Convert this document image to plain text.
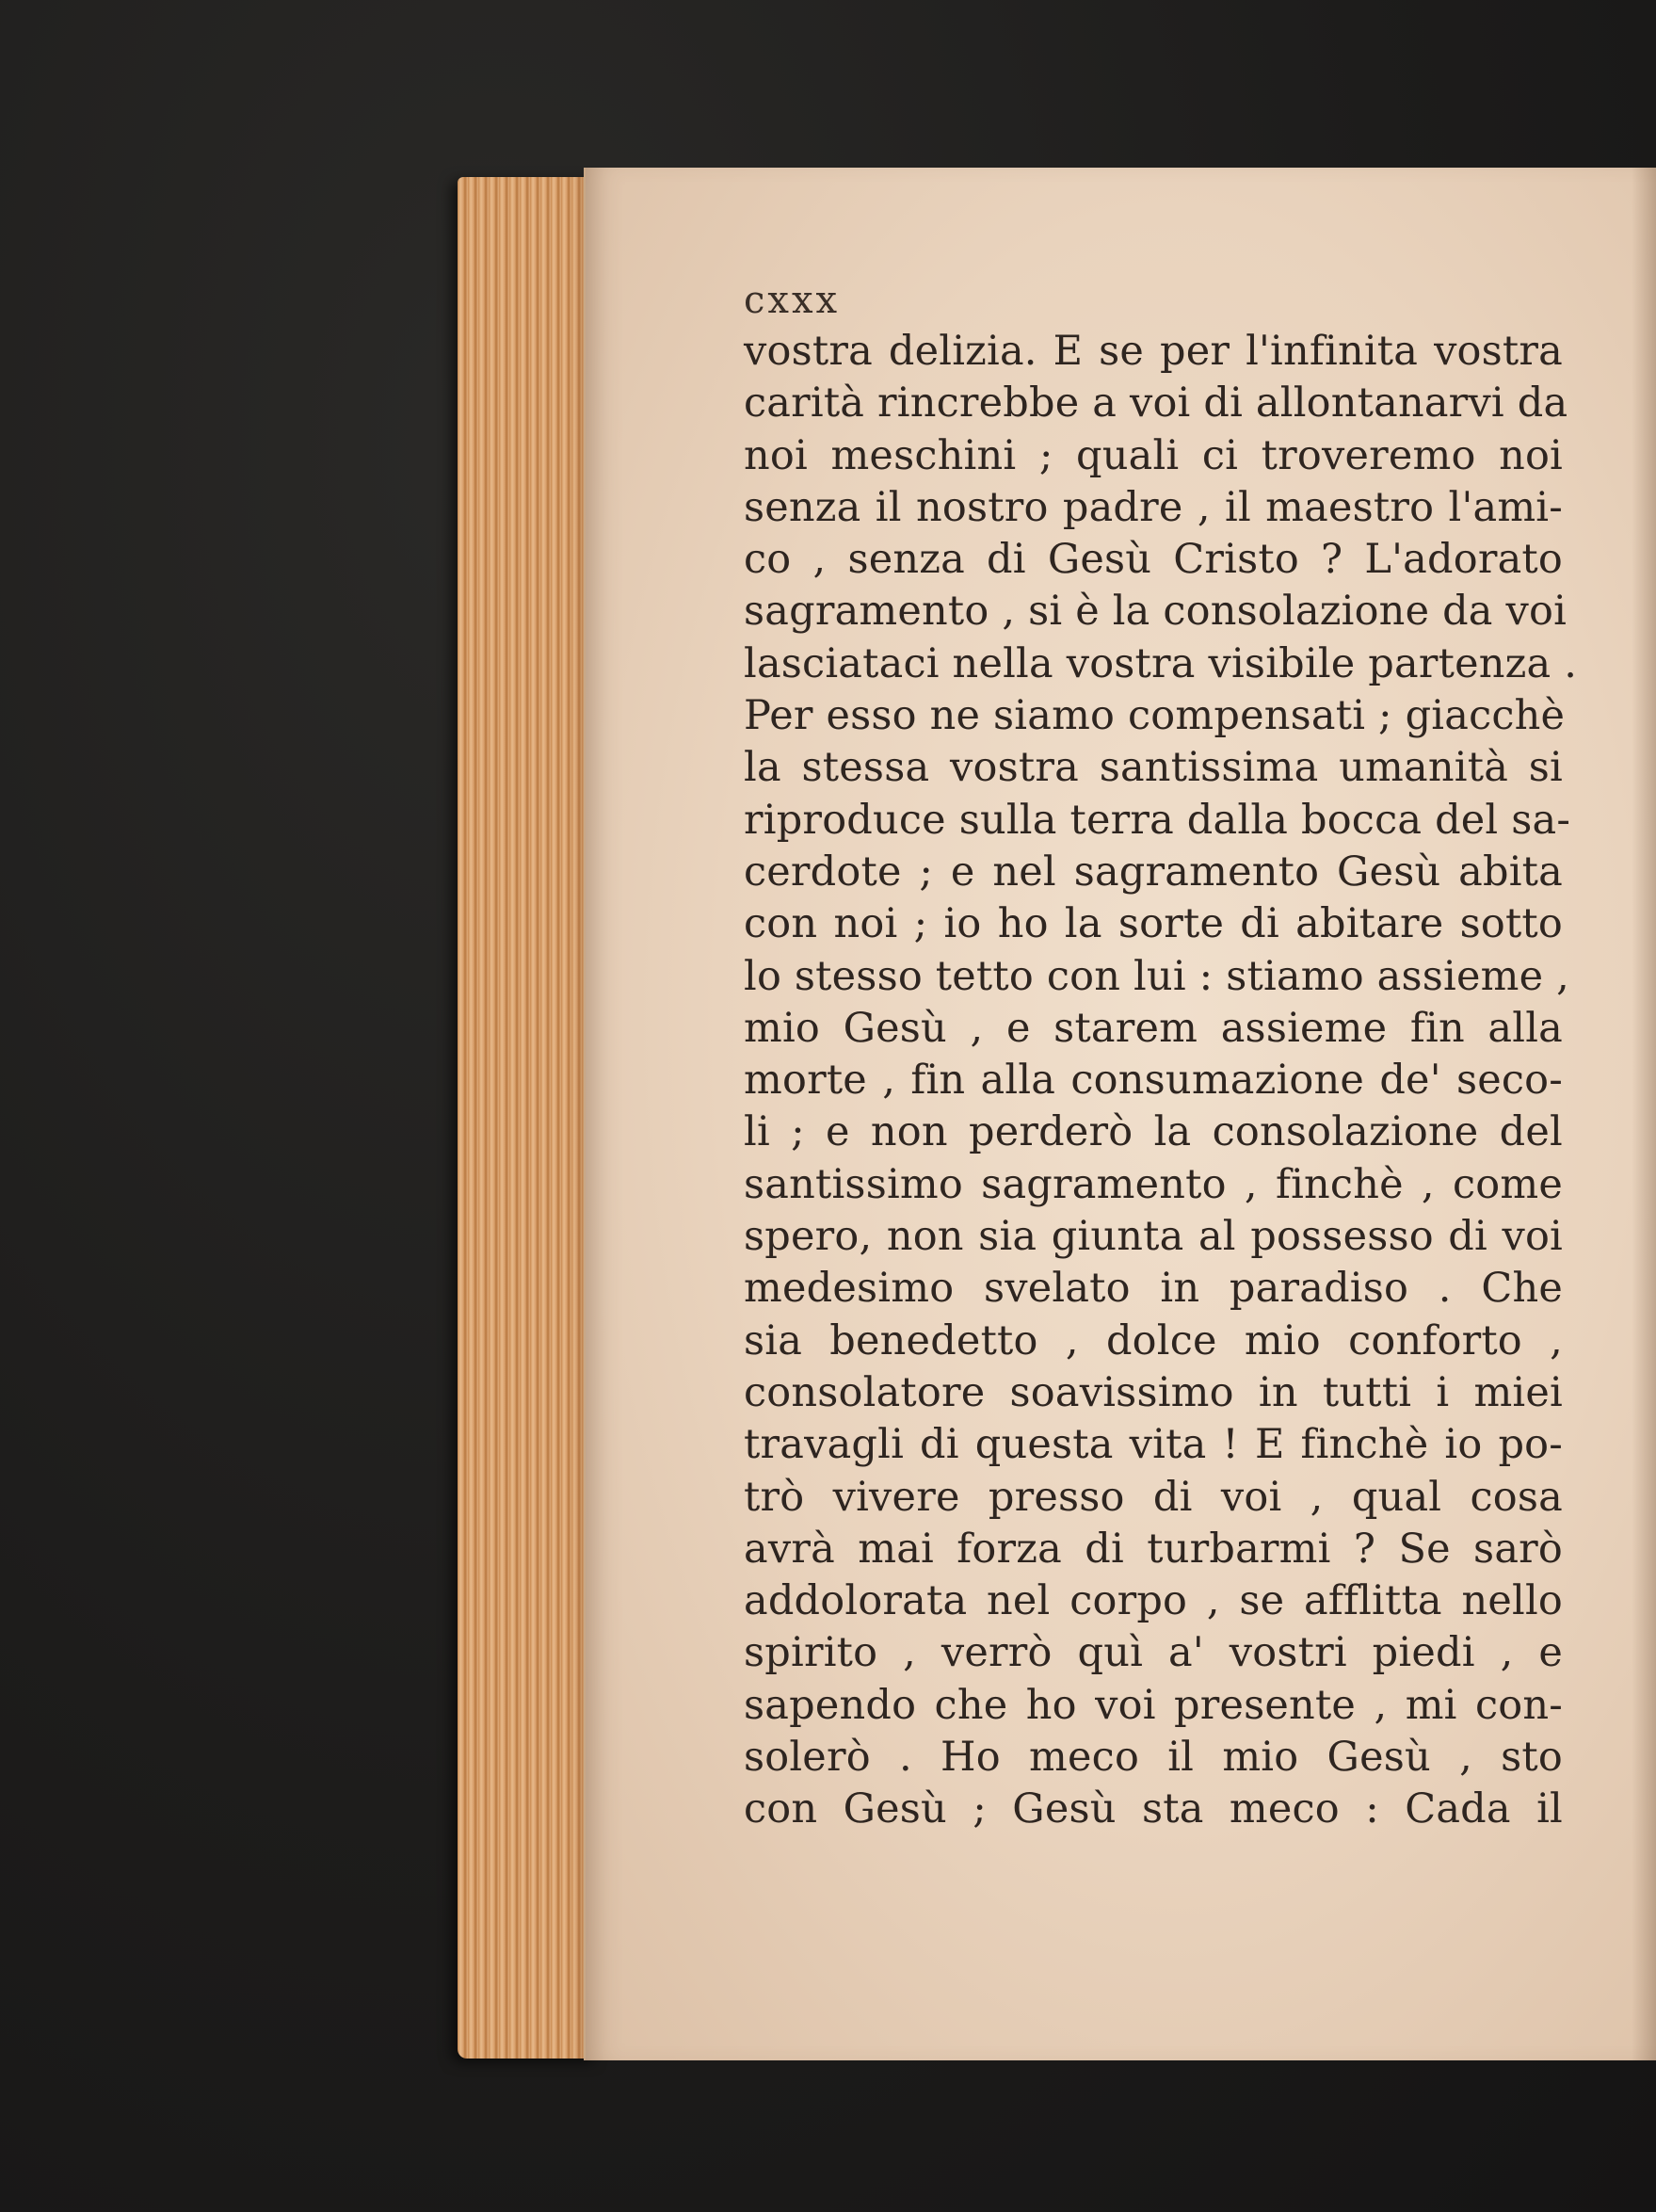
cxxx
vostra delizia. E se per l'infinita vostra
carità rincrebbe a voi di allontanarvi da
noi meschini ; quali ci troveremo noi
senza il nostro padre , il maestro l'ami-
co , senza di Gesù Cristo ? L'adorato
sagramento , si è la consolazione da voi
lasciataci nella vostra visibile partenza .
Per esso ne siamo compensati ; giacchè
la stessa vostra santissima umanità si
riproduce sulla terra dalla bocca del sa-
cerdote ; e nel sagramento Gesù abita
con noi ; io ho la sorte di abitare sotto
lo stesso tetto con lui : stiamo assieme ,
mio Gesù , e starem assieme fin alla
morte , fin alla consumazione de' seco-
li ; e non perderò la consolazione del
santissimo sagramento , finchè , come
spero, non sia giunta al possesso di voi
medesimo svelato in paradiso . Che
sia benedetto , dolce mio conforto ,
consolatore soavissimo in tutti i miei
travagli di questa vita ! E finchè io po-
trò vivere presso di voi , qual cosa
avrà mai forza di turbarmi ? Se sarò
addolorata nel corpo , se afflitta nello
spirito , verrò quì a' vostri piedi , e
sapendo che ho voi presente , mi con-
solerò . Ho meco il mio Gesù , sto
con Gesù ; Gesù sta meco : Cada il
